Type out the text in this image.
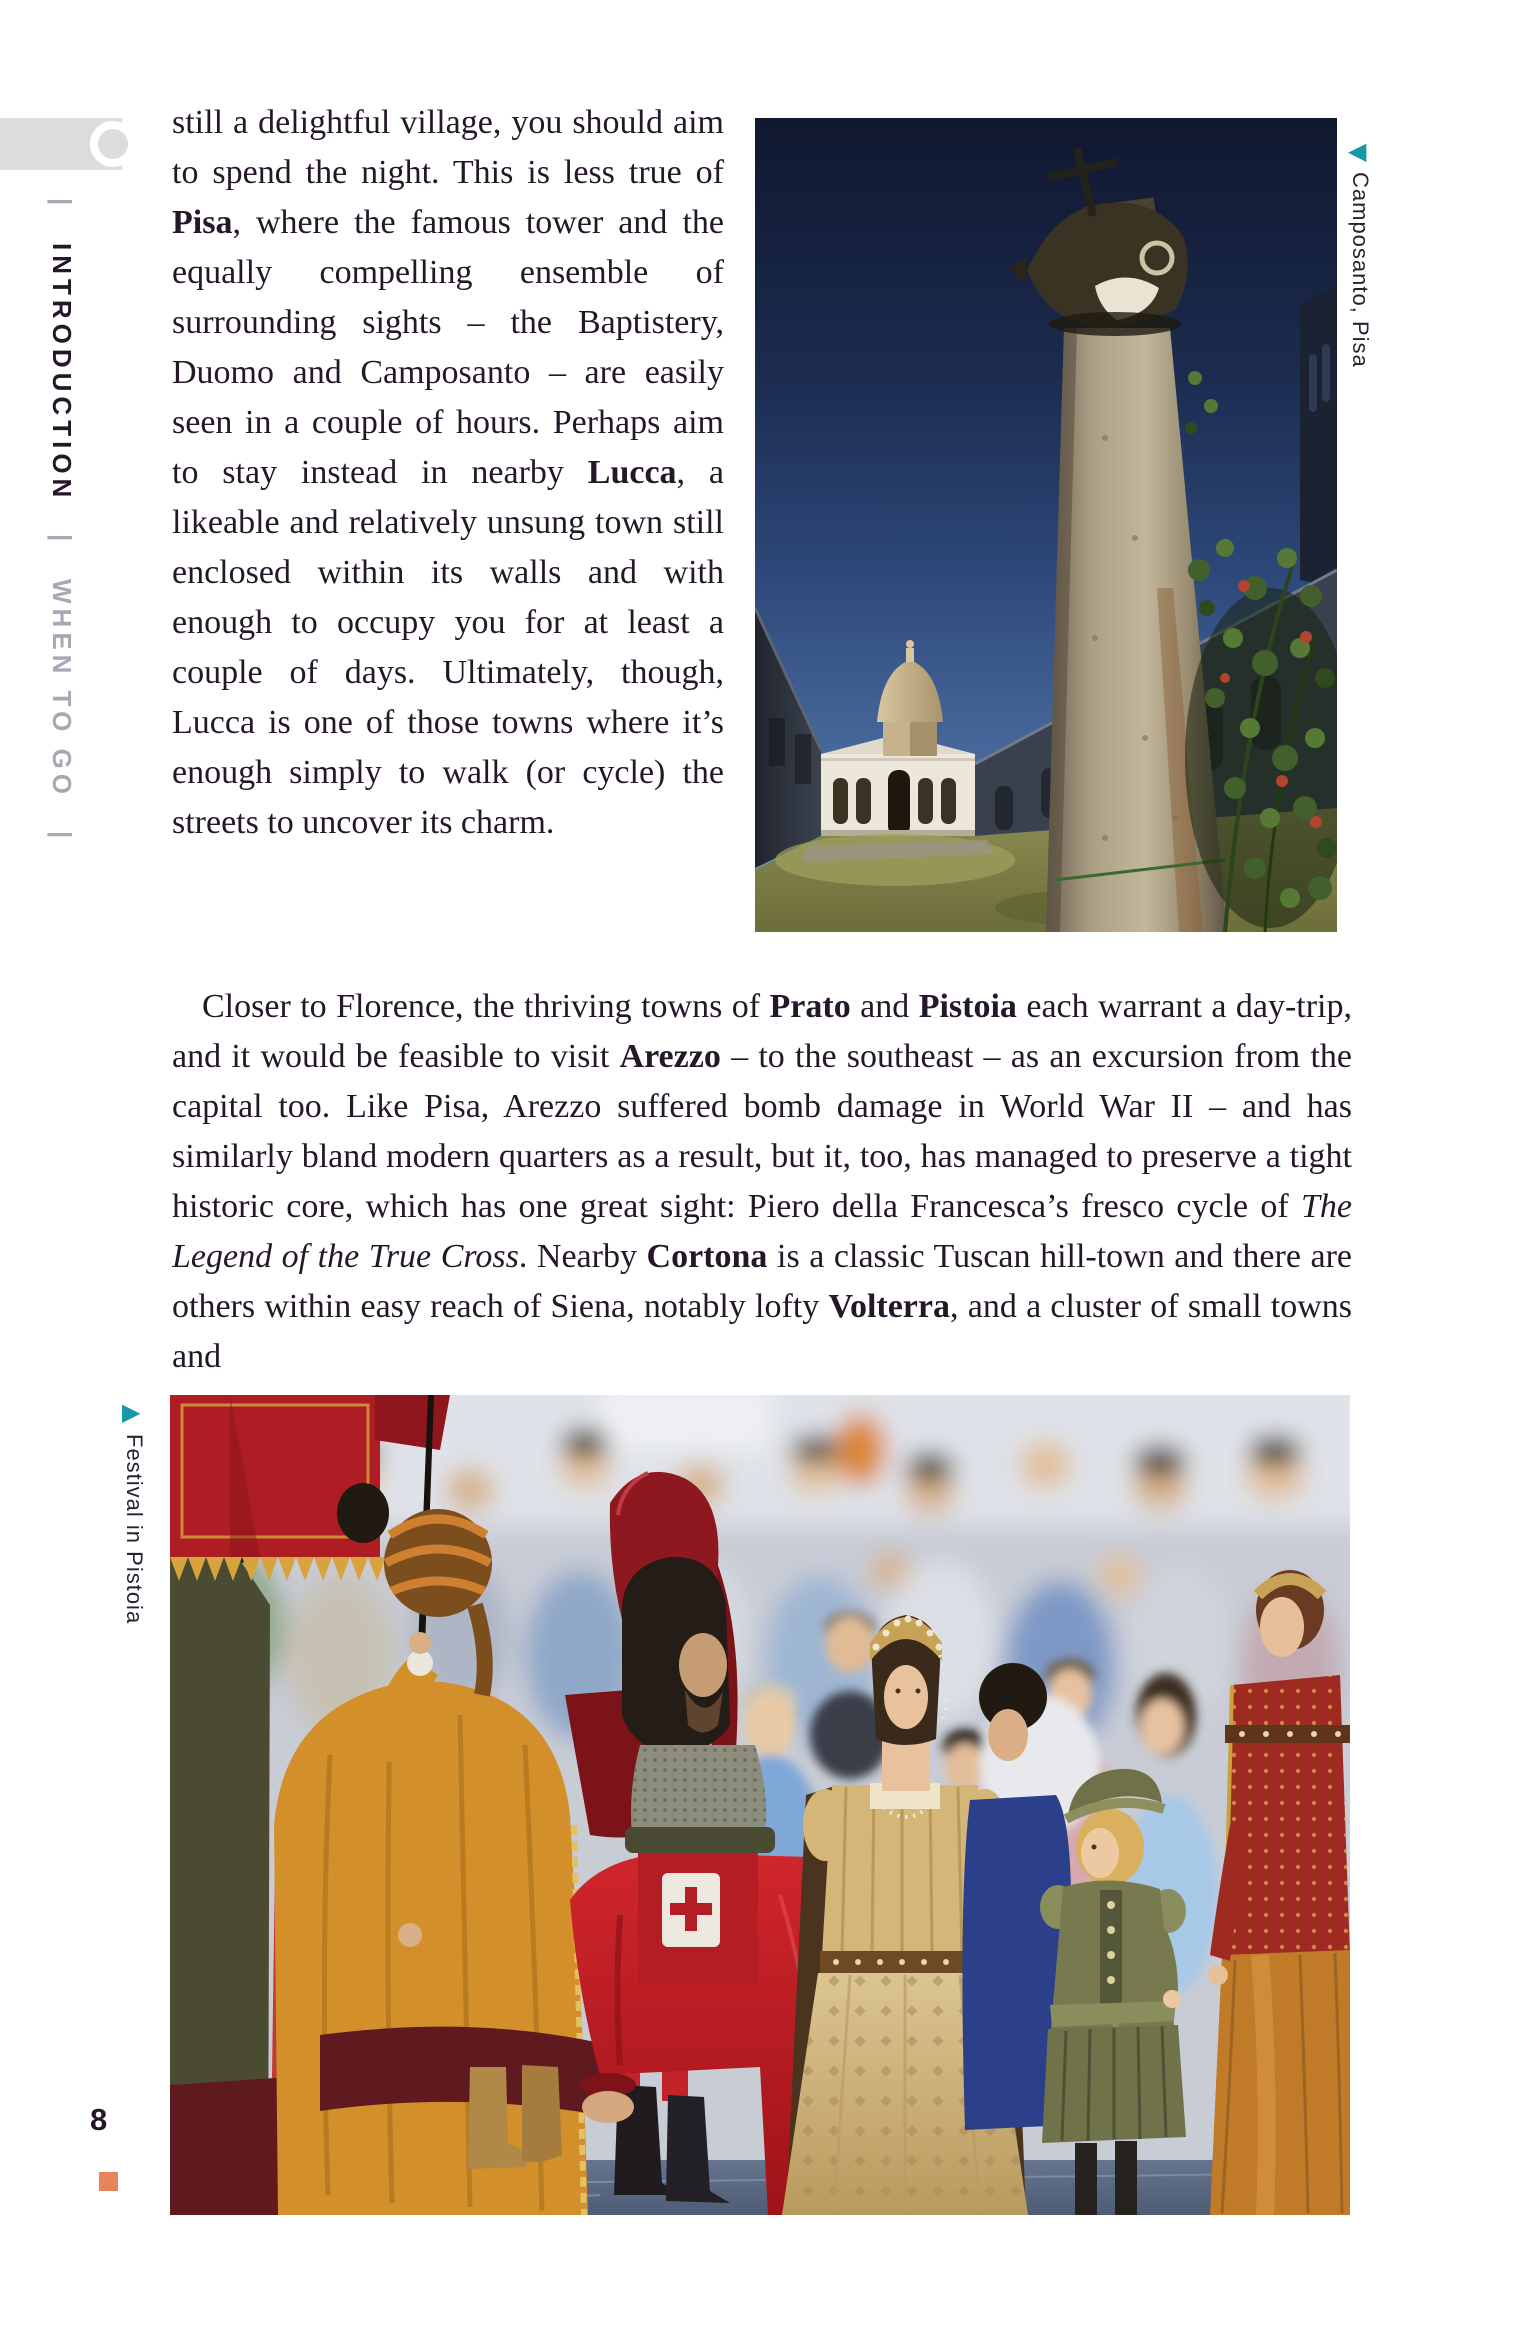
| INTRODUCTION | WHEN TO GO |

still a delightful village, you should aim to spend the night. This is less true of Pisa, where the famous tower and the equally compelling ensemble of surrounding sights – the Baptistery, Duomo and Camposanto – are easily seen in a couple of hours. Perhaps aim to stay instead in nearby Lucca, a likeable and relatively unsung town still enclosed within its walls and with enough to occupy you for at least a couple of days. Ultimately, though, Lucca is one of those towns where it’s enough simply to walk (or cycle) the streets to uncover its charm.

Closer to Florence, the thriving towns of Prato and Pistoia each warrant a day-trip, and it would be feasible to visit Arezzo – to the southeast – as an excursion from the capital too. Like Pisa, Arezzo suffered bomb damage in World War II – and has similarly bland modern quarters as a result, but it, too, has managed to preserve a tight historic core, which has one great sight: Piero della Francesca’s fresco cycle of The Legend of the True Cross. Nearby Cortona is a classic Tuscan hill-town and there are others within easy reach of Siena, notably lofty Volterra, and a cluster of small towns and

◀
Camposanto, Pisa
▶
Festival in Pistoia
8
